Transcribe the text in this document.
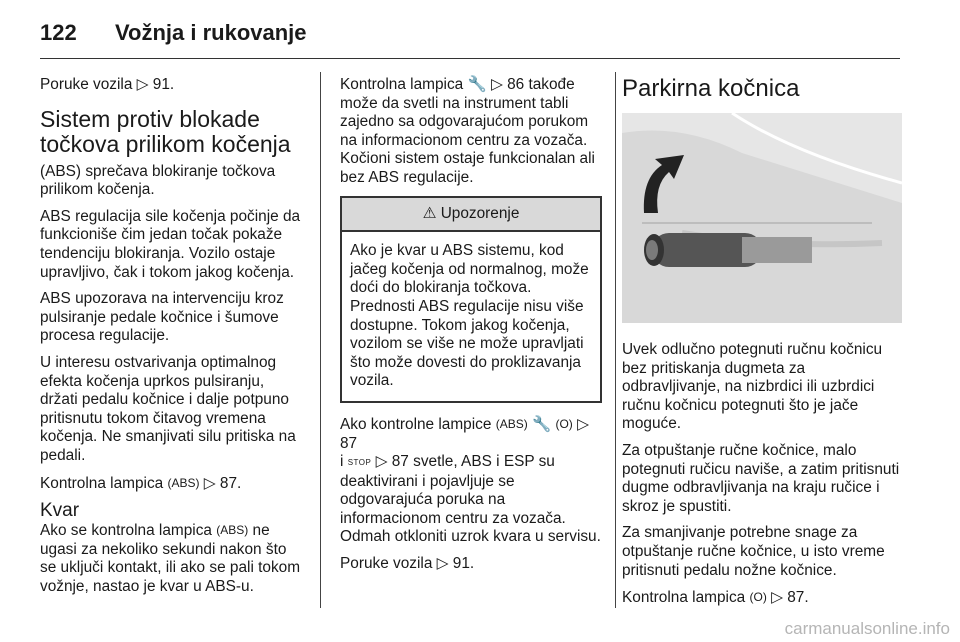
122 Vožnja i rukovanje

Poruke vozila ▷ 91.

Sistem protiv blokade točkova prilikom kočenja

(ABS) sprečava blokiranje točkova prilikom kočenja.

ABS regulacija sile kočenja počinje da funkcioniše čim jedan točak pokaže tendenciju blokiranja. Vozilo ostaje upravljivo, čak i tokom jakog kočenja.

ABS upozorava na intervenciju kroz pulsiranje pedale kočnice i šumove procesa regulacije.

U interesu ostvarivanja optimalnog efekta kočenja uprkos pulsiranju, držati pedalu kočnice i dalje potpuno pritisnutu tokom čitavog vremena kočenja. Ne smanjivati silu pritiska na pedali.

Kontrolna lampica (ABS) ▷ 87.

Kvar

Ako se kontrolna lampica (ABS) ne ugasi za nekoliko sekundi nakon što se uključi kontakt, ili ako se pali tokom vožnje, nastao je kvar u ABS-u.

Kontrolna lampica 🔧 ▷ 86 takođe može da svetli na instrument tabli zajedno sa odgovarajućom porukom na informacionom centru za vozača. Kočioni sistem ostaje funkcionalan ali bez ABS regulacije.

⚠ Upozorenje
Ako je kvar u ABS sistemu, kod jačeg kočenja od normalnog, može doći do blokiranja točkova. Prednosti ABS regulacije nisu više dostupne. Tokom jakog kočenja, vozilom se više ne može upravljati što može dovesti do proklizavanja vozila.

Ako kontrolne lampice (ABS) 🔧 (O) ▷ 87
i STOP ▷ 87 svetle, ABS i ESP su deaktivirani i pojavljuje se odgovarajuća poruka na informacionom centru za vozača. Odmah otkloniti uzrok kvara u servisu.

Poruke vozila ▷ 91.

Parkirna kočnica

Uvek odlučno potegnuti ručnu kočnicu bez pritiskanja dugmeta za odbravljivanje, na nizbrdici ili uzbrdici ručnu kočnicu potegnuti što je jače moguće.

Za otpuštanje ručne kočnice, malo potegnuti ručicu naviše, a zatim pritisnuti dugme odbravljivanja na kraju ručice i skroz je spustiti.

Za smanjivanje potrebne snage za otpuštanje ručne kočnice, u isto vreme pritisnuti pedalu nožne kočnice.

Kontrolna lampica (O) ▷ 87.

carmanualsonline.info
